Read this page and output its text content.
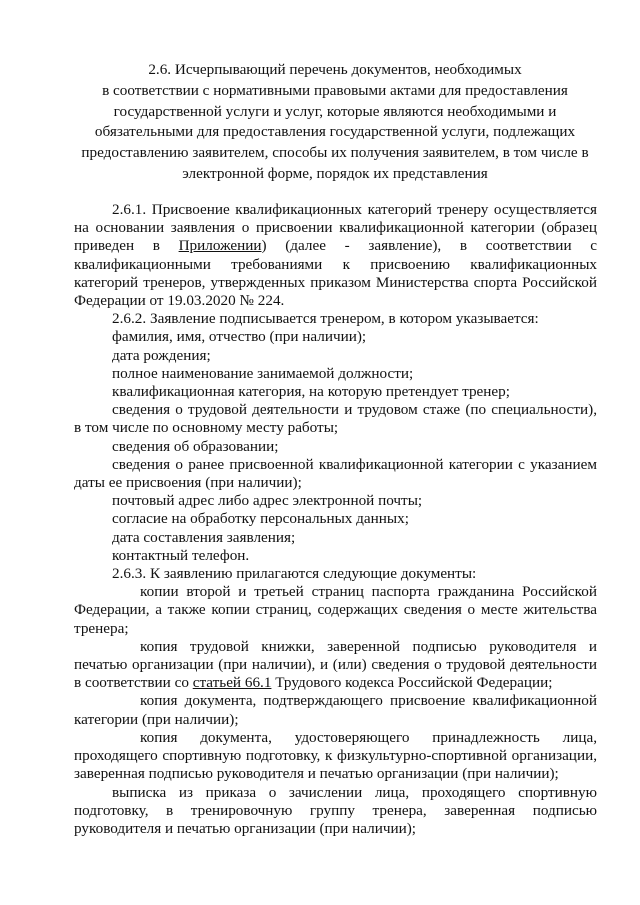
2.6. Исчерпывающий перечень документов, необходимых
в соответствии с нормативными правовыми актами для предоставления
государственной услуги и услуг, которые являются необходимыми и
обязательными для предоставления государственной услуги, подлежащих
предоставлению заявителем, способы их получения заявителем, в том числе в
электронной форме, порядок их представления

2.6.1. Присвоение квалификационных категорий тренеру осуществляется на основании заявления о присвоении квалификационной категории (образец приведен в Приложении) (далее - заявление), в соответствии с квалификационными требованиями к присвоению квалификационных категорий тренеров, утвержденных приказом Министерства спорта Российской Федерации от 19.03.2020 № 224.

2.6.2. Заявление подписывается тренером, в котором указывается:

фамилия, имя, отчество (при наличии);

дата рождения;

полное наименование занимаемой должности;

квалификационная категория, на которую претендует тренер;

сведения о трудовой деятельности и трудовом стаже (по специальности), в том числе по основному месту работы;

сведения об образовании;

сведения о ранее присвоенной квалификационной категории с указанием даты ее присвоения (при наличии);

почтовый адрес либо адрес электронной почты;

согласие на обработку персональных данных;

дата составления заявления;

контактный телефон.

2.6.3. К заявлению прилагаются следующие документы:

копии второй и третьей страниц паспорта гражданина Российской Федерации, а также копии страниц, содержащих сведения о месте жительства тренера;

копия трудовой книжки, заверенной подписью руководителя и печатью организации (при наличии), и (или) сведения о трудовой деятельности в соответствии со статьей 66.1 Трудового кодекса Российской Федерации;

копия документа, подтверждающего присвоение квалификационной категории (при наличии);

копия документа, удостоверяющего принадлежность лица, проходящего спортивную подготовку, к физкультурно-спортивной организации, заверенная подписью руководителя и печатью организации (при наличии);

выписка из приказа о зачислении лица, проходящего спортивную подготовку, в тренировочную группу тренера, заверенная подписью руководителя и печатью организации (при наличии);
